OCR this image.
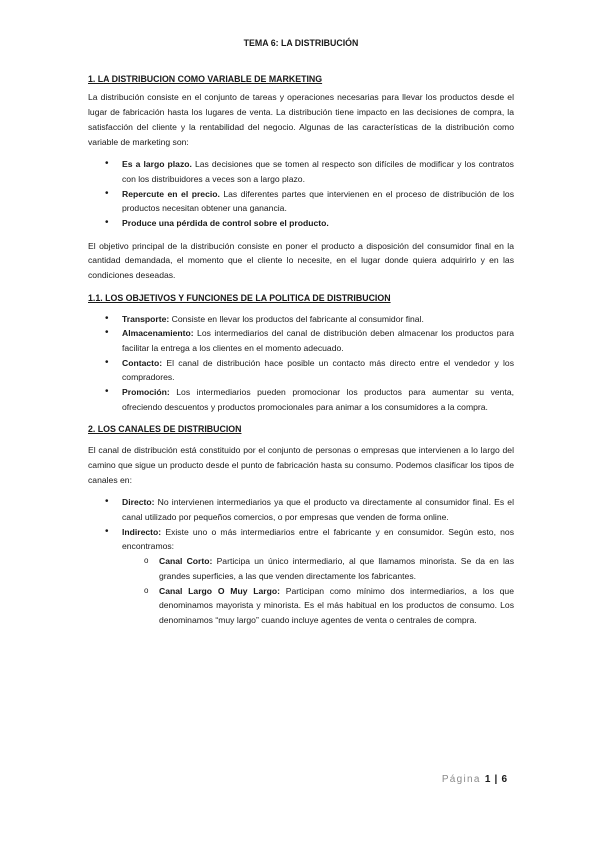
TEMA 6: LA DISTRIBUCIÓN
1. LA DISTRIBUCION COMO VARIABLE DE MARKETING

La distribución consiste en el conjunto de tareas y operaciones necesarias para llevar los productos desde el lugar de fabricación hasta los lugares de venta. La distribución tiene impacto en las decisiones de compra, la satisfacción del cliente y la rentabilidad del negocio. Algunas de las características de la distribución como variable de marketing son:

• Es a largo plazo. Las decisiones que se tomen al respecto son difíciles de modificar y los contratos con los distribuidores a veces son a largo plazo.
• Repercute en el precio. Las diferentes partes que intervienen en el proceso de distribución de los productos necesitan obtener una ganancia.
• Produce una pérdida de control sobre el producto.

El objetivo principal de la distribución consiste en poner el producto a disposición del consumidor final en la cantidad demandada, el momento que el cliente lo necesite, en el lugar donde quiera adquirirlo y en las condiciones deseadas.

1.1. LOS OBJETIVOS Y FUNCIONES DE LA POLITICA DE DISTRIBUCION
• Transporte: Consiste en llevar los productos del fabricante al consumidor final.
• Almacenamiento: Los intermediarios del canal de distribución deben almacenar los productos para facilitar la entrega a los clientes en el momento adecuado.
• Contacto: El canal de distribución hace posible un contacto más directo entre el vendedor y los compradores.
• Promoción: Los intermediarios pueden promocionar los productos para aumentar su venta, ofreciendo descuentos y productos promocionales para animar a los consumidores a la compra.
2. LOS CANALES DE DISTRIBUCION

El canal de distribución está constituido por el conjunto de personas o empresas que intervienen a lo largo del camino que sigue un producto desde el punto de fabricación hasta su consumo. Podemos clasificar los tipos de canales en:

• Directo: No intervienen intermediarios ya que el producto va directamente al consumidor final. Es el canal utilizado por pequeños comercios, o por empresas que venden de forma online.
• Indirecto: Existe uno o más intermediarios entre el fabricante y en consumidor. Según esto, nos encontramos:
o Canal Corto: Participa un único intermediario, al que llamamos minorista. Se da en las grandes superficies, a las que venden directamente los fabricantes.
o Canal Largo O Muy Largo: Participan como mínimo dos intermediarios, a los que denominamos mayorista y minorista. Es el más habitual en los productos de consumo. Los denominamos “muy largo” cuando incluye agentes de venta o centrales de compra.
Página 1 | 6
